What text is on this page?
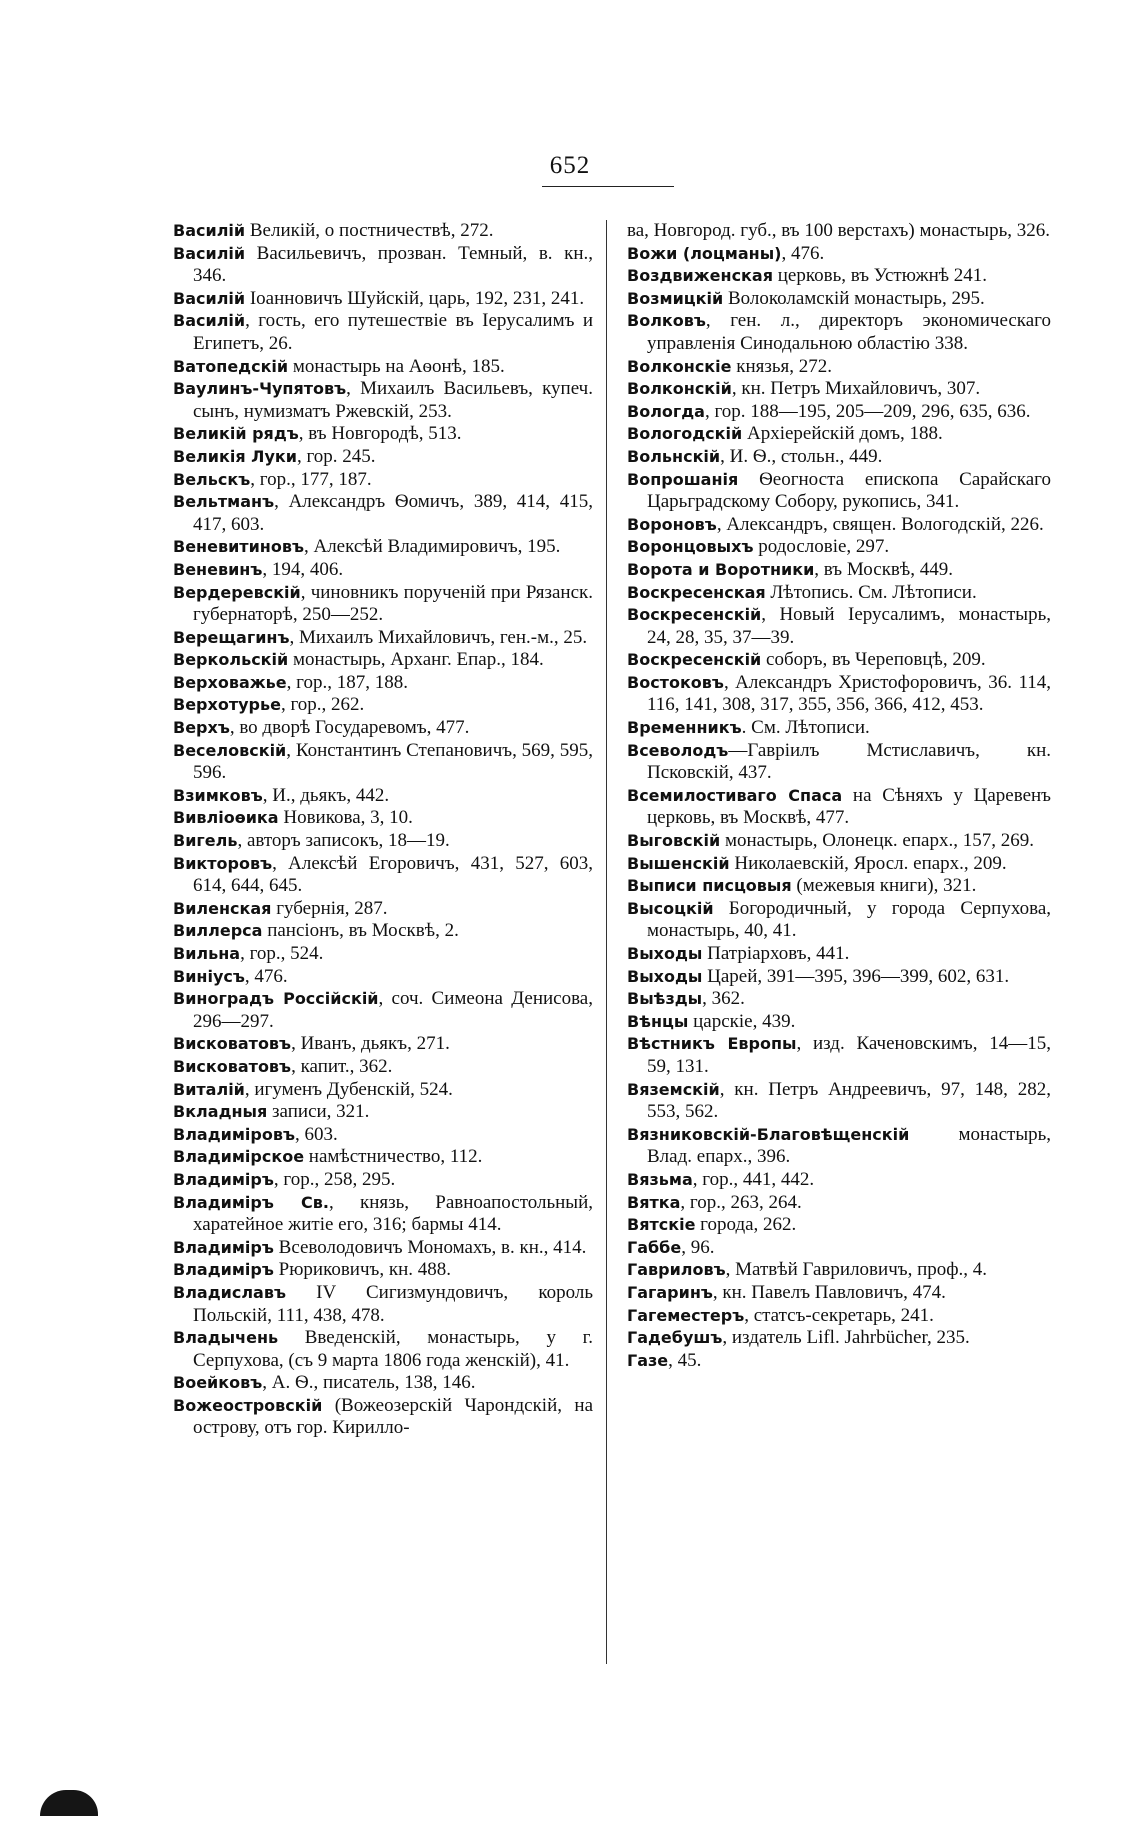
652

Василій Великій, о постничествѣ, 272.

Василій Васильевичъ, прозван. Темный, в. кн., 346.

Василій Іоанновичъ Шуйскій, царь, 192, 231, 241.

Василій, гость, его путешествіе въ Іерусалимъ и Египетъ, 26.

Ватопедскій монастырь на Аѳонѣ, 185.

Ваулинъ-Чупятовъ, Михаилъ Васильевъ, купеч. сынъ, нумизматъ Ржевскій, 253.

Великій рядъ, въ Новгородѣ, 513.

Великія Луки, гор. 245.

Вельскъ, гор., 177, 187.

Вельтманъ, Александръ Ѳомичъ, 389, 414, 415, 417, 603.

Веневитиновъ, Алексѣй Владимировичъ, 195.

Веневинъ, 194, 406.

Вердеревскій, чиновникъ порученій при Рязанск. губернаторѣ, 250—252.

Верещагинъ, Михаилъ Михайловичъ, ген.-м., 25.

Веркольскій монастырь, Арханг. Епар., 184.

Верховажье, гор., 187, 188.

Верхотурье, гор., 262.

Верхъ, во дворѣ Государевомъ, 477.

Веселовскій, Константинъ Степановичъ, 569, 595, 596.

Взимковъ, И., дьякъ, 442.

Вивліоѳика Новикова, 3, 10.

Вигель, авторъ записокъ, 18—19.

Викторовъ, Алексѣй Егоровичъ, 431, 527, 603, 614, 644, 645.

Виленская губернія, 287.

Виллерса пансіонъ, въ Москвѣ, 2.

Вильна, гор., 524.

Виніусъ, 476.

Виноградъ Россійскій, соч. Симеона Денисова, 296—297.

Висковатовъ, Иванъ, дьякъ, 271.

Висковатовъ, капит., 362.

Виталій, игуменъ Дубенскій, 524.

Вкладныя записи, 321.

Владиміровъ, 603.

Владимірское намѣстничество, 112.

Владиміръ, гор., 258, 295.

Владиміръ Св., князь, Равноапостольный, харатейное житіе его, 316; бармы 414.

Владиміръ Всеволодовичъ Мономахъ, в. кн., 414.

Владиміръ Рюриковичъ, кн. 488.

Владиславъ IV Сигизмундовичъ, король Польскій, 111, 438, 478.

Владычень Введенскій, монастырь, у г. Серпухова, (съ 9 марта 1806 года женскій), 41.

Воейковъ, А. Ѳ., писатель, 138, 146.

Вожеостровскій (Вожеозерскій Чарондскій, на острову, отъ гор. Кирилло-

ва, Новгород. губ., въ 100 верстахъ) монастырь, 326.

Вожи (лоцманы), 476.

Воздвиженская церковь, въ Устюжнѣ 241.

Возмицкій Волоколамскій монастырь, 295.

Волковъ, ген. л., директоръ экономическаго управленія Синодальною областію 338.

Волконскіе князья, 272.

Волконскій, кн. Петръ Михайловичъ, 307.

Вологда, гор. 188—195, 205—209, 296, 635, 636.

Вологодскій Архіерейскій домъ, 188.

Вольнскій, И. Ѳ., стольн., 449.

Вопрошанія Ѳеогноста епископа Сарайскаго Царьградскому Собору, рукопись, 341.

Вороновъ, Александръ, священ. Вологодскій, 226.

Воронцовыхъ родословіе, 297.

Ворота и Воротники, въ Москвѣ, 449.

Воскресенская Лѣтопись. См. Лѣтописи.

Воскресенскій, Новый Іерусалимъ, монастырь, 24, 28, 35, 37—39.

Воскресенскій соборъ, въ Череповцѣ, 209.

Востоковъ, Александръ Христофоровичъ, 36. 114, 116, 141, 308, 317, 355, 356, 366, 412, 453.

Временникъ. См. Лѣтописи.

Всеволодъ—Гавріилъ Мстиславичъ, кн. Псковскій, 437.

Всемилостиваго Спаса на Сѣняхъ у Царевенъ церковь, въ Москвѣ, 477.

Выговскій монастырь, Олонецк. епарх., 157, 269.

Вышенскій Николаевскій, Яросл. епарх., 209.

Выписи писцовыя (межевыя книги), 321.

Высоцкій Богородичный, у города Серпухова, монастырь, 40, 41.

Выходы Патріарховъ, 441.

Выходы Царей, 391—395, 396—399, 602, 631.

Выѣзды, 362.

Вѣнцы царскіе, 439.

Вѣстникъ Европы, изд. Каченовскимъ, 14—15, 59, 131.

Вяземскій, кн. Петръ Андреевичъ, 97, 148, 282, 553, 562.

Вязниковскій-Благовѣщенскій монастырь, Влад. епарх., 396.

Вязьма, гор., 441, 442.

Вятка, гор., 263, 264.

Вятскіе города, 262.

Габбе, 96.

Гавриловъ, Матвѣй Гавриловичъ, проф., 4.

Гагаринъ, кн. Павелъ Павловичъ, 474.

Гагеместеръ, статсъ-секретарь, 241.

Гадебушъ, издатель Lifl. Jahrbücher, 235.

Газе, 45.
